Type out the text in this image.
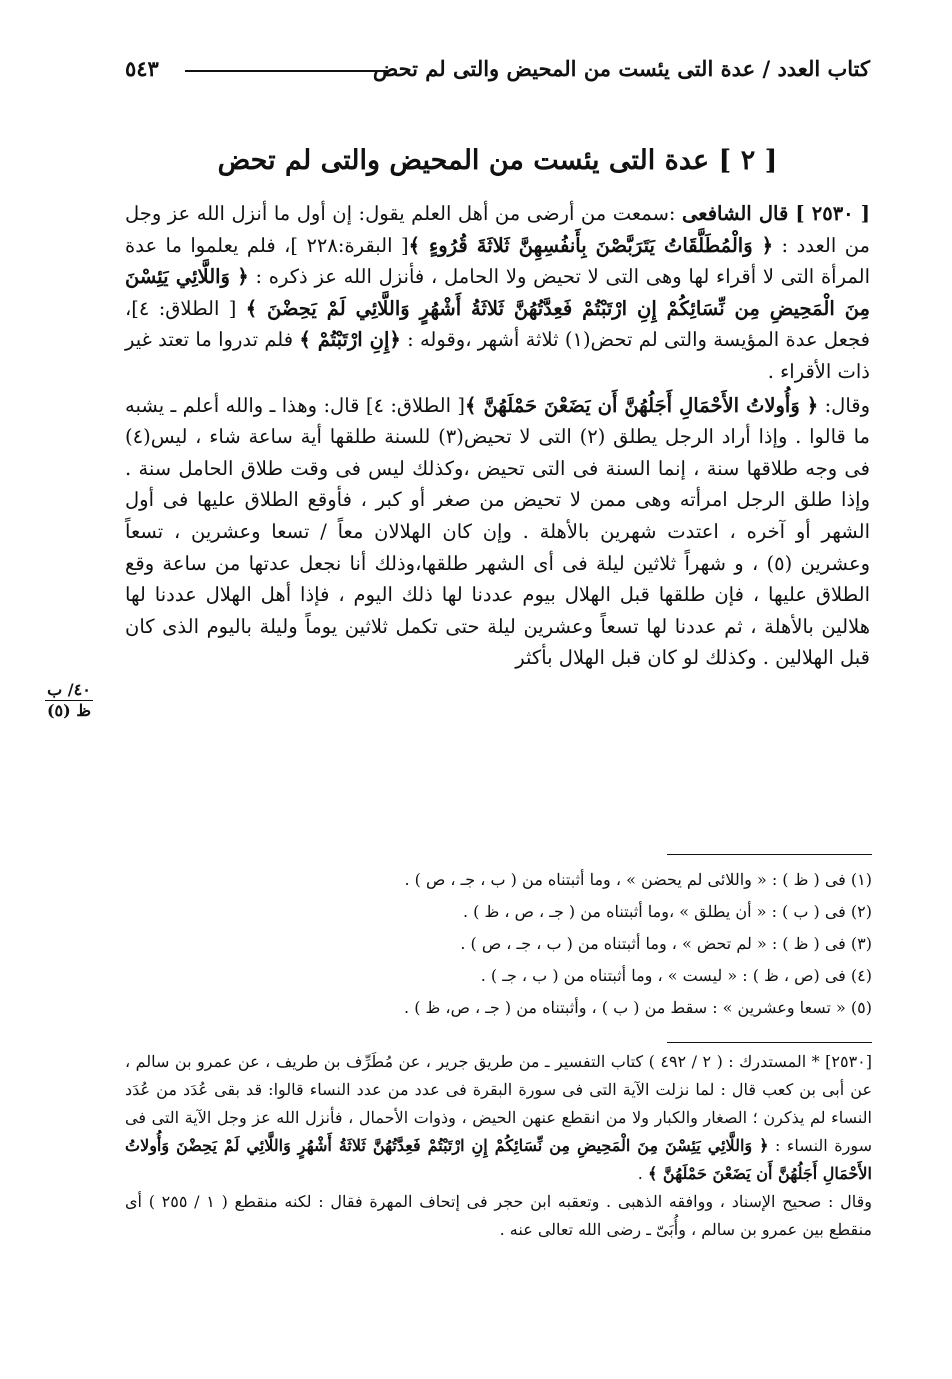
كتاب العدد / عدة التى يئست من المحيض والتى لم تحض
٥٤٣
[ ٢ ] عدة التى يئست من المحيض والتى لم تحض

[ ٢٥٣٠ ] قال الشافعى :سمعت من أرضى من أهل العلم يقول: إن أول ما أنزل الله عز وجل من العدد : ﴿ وَالْمُطَلَّقَاتُ يَتَرَبَّصْنَ بِأَنفُسِهِنَّ ثَلاثَةَ قُرُوءٍ ﴾[ البقرة:٢٢٨ ]، فلم يعلموا ما عدة المرأة التى لا أقراء لها وهى التى لا تحيض ولا الحامل ، فأنزل الله عز ذكره : ﴿ وَاللَّائِي يَئِسْنَ مِنَ الْمَحِيضِ مِن نِّسَائِكُمْ إِنِ ارْتَبْتُمْ فَعِدَّتُهُنَّ ثَلاثَةُ أَشْهُرٍ وَاللَّائِي لَمْ يَحِضْنَ ﴾ [ الطلاق: ٤]، فجعل عدة المؤيسة والتى لم تحض(١) ثلاثة أشهر ،وقوله : ﴿إِنِ ارْتَبْتُمْ ﴾ فلم تدروا ما تعتد غير ذات الأقراء .

وقال: ﴿ وَأُولاتُ الأَحْمَالِ أَجَلُهُنَّ أَن يَضَعْنَ حَمْلَهُنَّ ﴾[ الطلاق: ٤] قال: وهذا ـ والله أعلم ـ يشبه ما قالوا . وإذا أراد الرجل يطلق (٢) التى لا تحيض(٣) للسنة طلقها أية ساعة شاء ، ليس(٤) فى وجه طلاقها سنة ، إنما السنة فى التى تحيض ،وكذلك ليس فى وقت طلاق الحامل سنة . وإذا طلق الرجل امرأته وهى ممن لا تحيض من صغر أو كبر ، فأوقع الطلاق عليها فى أول الشهر أو آخره ، اعتدت شهرين بالأهلة . وإن كان الهلالان معاً / تسعا وعشرين ، تسعاً وعشرين (٥) ، و شهراً ثلاثين ليلة فى أى الشهر طلقها،وذلك أنا نجعل عدتها من ساعة وقع الطلاق عليها ، فإن طلقها قبل الهلال بيوم عددنا لها ذلك اليوم ، فإذا أهل الهلال عددنا لها هلالين بالأهلة ، ثم عددنا لها تسعاً وعشرين ليلة حتى تكمل ثلاثين يوماً وليلة باليوم الذى كان قبل الهلالين . وكذلك لو كان قبل الهلال بأكثر

٤٠/ ب
ظ (٥)

(١) فى ( ظ ) : « واللائى لم يحضن » ، وما أثبتناه من ( ب ، جـ ، ص ) .

(٢) فى ( ب ) : « أن يطلق » ،وما أثبتناه من ( جـ ، ص ، ظ ) .

(٣) فى ( ظ ) : « لم تحض » ، وما أثبتناه من ( ب ، جـ ، ص ) .

(٤) فى (ص ، ظ ) : « ليست » ، وما أثبتناه من ( ب ، جـ ) .

(٥) « تسعا وعشرين » : سقط من ( ب ) ، وأثبتناه من ( جـ ، ص، ظ ) .

[٢٥٣٠] * المستدرك : ( ٢ / ٤٩٢ ) كتاب التفسير ـ من طريق جرير ، عن مُطَرِّف بن طريف ، عن عمرو بن سالم ، عن أبى بن كعب قال : لما نزلت الآية التى فى سورة البقرة فى عدد من عدد النساء قالوا: قد بقى عُدَد من عُدَد النساء لم يذكرن ؛ الصغار والكبار ولا من انقطع عنهن الحيض ، وذوات الأحمال ، فأنزل الله عز وجل الآية التى فى سورة النساء : ﴿ وَاللَّائِي يَئِسْنَ مِنَ الْمَحِيضِ مِن نِّسَائِكُمْ إِنِ ارْتَبْتُمْ فَعِدَّتُهُنَّ ثَلاثَةُ أَشْهُرٍ وَاللَّائِي لَمْ يَحِضْنَ وَأُولاتُ الأَحْمَالِ أَجَلُهُنَّ أَن يَضَعْنَ حَمْلَهُنَّ ﴾ .

وقال : صحيح الإسناد ، ووافقه الذهبى . وتعقبه ابن حجر فى إتحاف المهرة فقال : لكنه منقطع ( ١ / ٢٥٥ ) أى منقطع بين عمرو بن سالم ، وأُبَىّ ـ رضى الله تعالى عنه .
